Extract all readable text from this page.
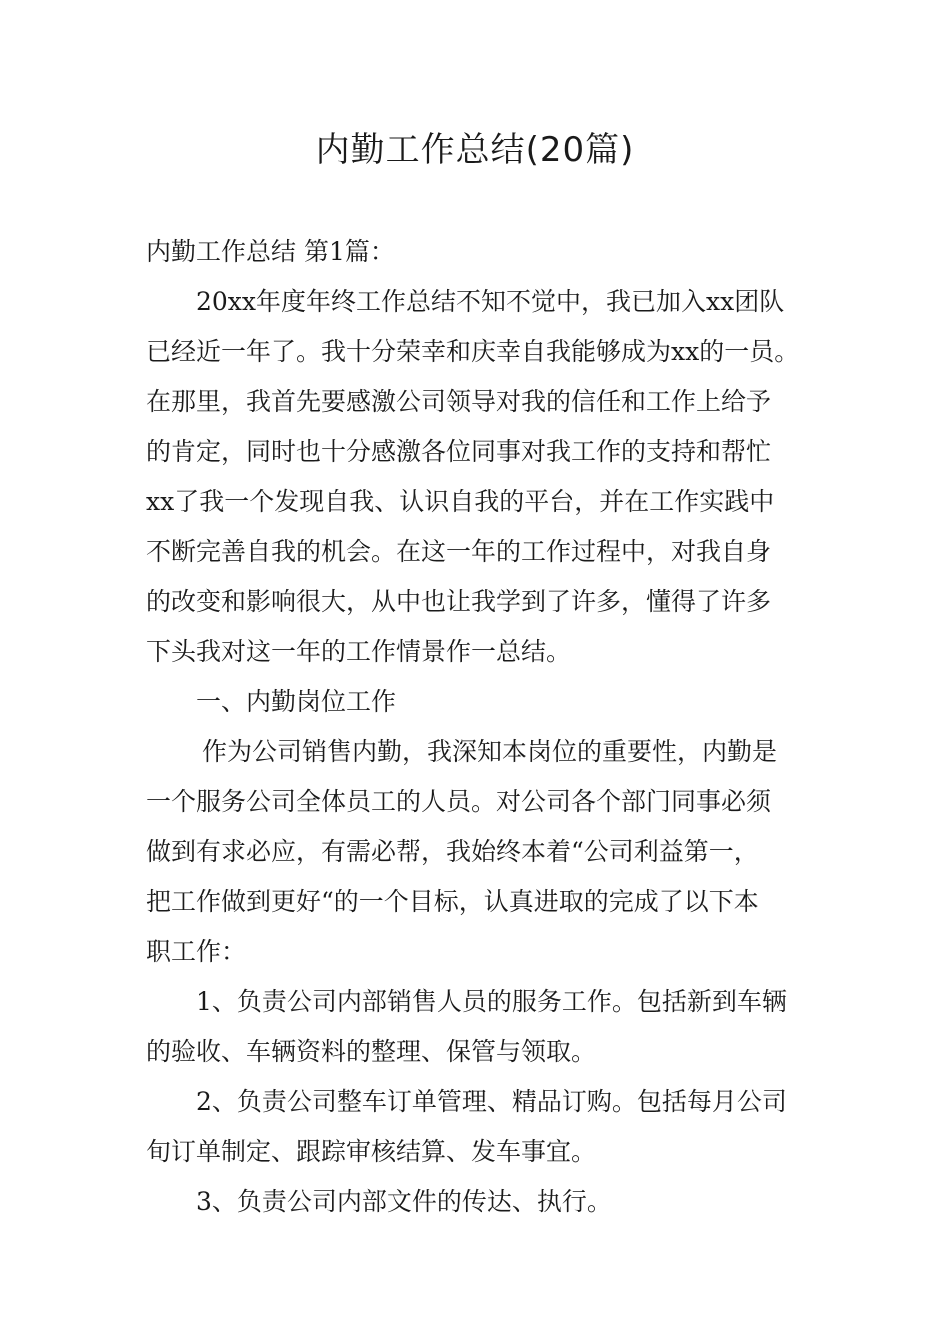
内勤工作总结(20篇)

内勤工作总结 第1篇：

20xx年度年终工作总结不知不觉中，我已加入xx团队

已经近一年了。我十分荣幸和庆幸自我能够成为xx的一员。

在那里，我首先要感激公司领导对我的信任和工作上给予

的肯定，同时也十分感激各位同事对我工作的支持和帮忙

xx了我一个发现自我、认识自我的平台，并在工作实践中

不断完善自我的机会。在这一年的工作过程中，对我自身

的改变和影响很大，从中也让我学到了许多，懂得了许多

下头我对这一年的工作情景作一总结。

一、内勤岗位工作

作为公司销售内勤，我深知本岗位的重要性，内勤是

一个服务公司全体员工的人员。对公司各个部门同事必须

做到有求必应，有需必帮，我始终本着“公司利益第一，

把工作做到更好“的一个目标，认真进取的完成了以下本

职工作：

1、负责公司内部销售人员的服务工作。包括新到车辆

的验收、车辆资料的整理、保管与领取。

2、负责公司整车订单管理、精品订购。包括每月公司

旬订单制定、跟踪审核结算、发车事宜。

3、负责公司内部文件的传达、执行。
